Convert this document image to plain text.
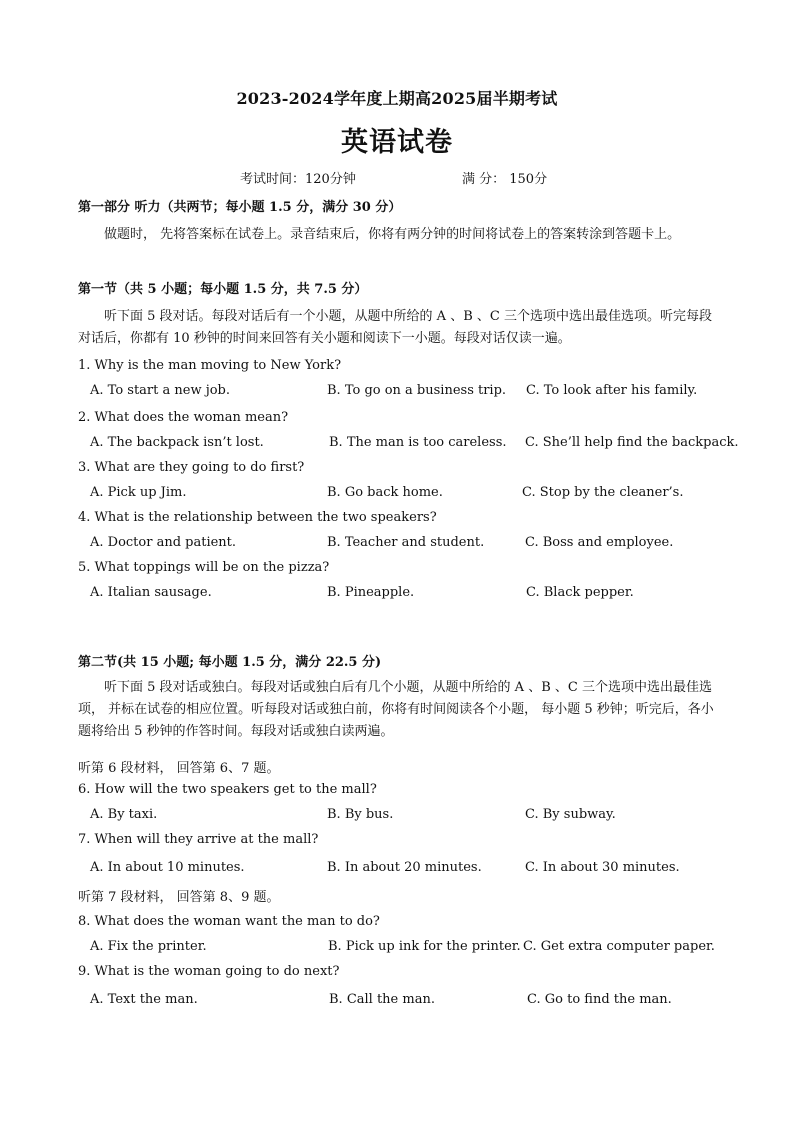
2023-2024学年度上期高2025届半期考试
英语试卷
考试时间：120分钟	满 分： 150分
第一部分 听力（共两节；每小题 1.5 分，满分 30 分）
做题时， 先将答案标在试卷上。录音结束后，你将有两分钟的时间将试卷上的答案转涂到答题卡上。
第一节（共 5 小题；每小题 1.5 分，共 7.5 分）
听下面 5 段对话。每段对话后有一个小题，从题中所给的 A 、B 、C 三个选项中选出最佳选项。听完每段对话后，你都有 10 秒钟的时间来回答有关小题和阅读下一小题。每段对话仅读一遍。
1. Why is the man moving to New York?
A. To start a new job.	B. To go on a business trip. C. To look after his family.
2. What does the woman mean?
A. The backpack isn’t lost.	B. The man is too careless. C. She’ll help find the backpack.
3. What are they going to do first?
A. Pick up Jim.	B. Go back home.	C. Stop by the cleaner’s.
4. What is the relationship between the two speakers?
A. Doctor and patient.	B. Teacher and student.	C. Boss and employee.
5. What toppings will be on the pizza?
A. Italian sausage.	B. Pineapple.	C. Black pepper.
第二节(共 15 小题; 每小题 1.5 分，满分 22.5 分)
听下面 5 段对话或独白。每段对话或独白后有几个小题，从题中所给的 A 、B 、C 三个选项中选出最佳选项， 并标在试卷的相应位置。听每段对话或独白前，你将有时间阅读各个小题， 每小题 5 秒钟；听完后，各小题将给出 5 秒钟的作答时间。每段对话或独白读两遍。
听第 6 段材料， 回答第 6、7 题。
6. How will the two speakers get to the mall?
A. By taxi.	B. By bus.	C. By subway.
7. When will they arrive at the mall?
A. In about 10 minutes.	B. In about 20 minutes.	C. In about 30 minutes.
听第 7 段材料， 回答第 8、9 题。
8. What does the woman want the man to do?
A. Fix the printer.	B. Pick up ink for the printer. C. Get extra computer paper.
9. What is the woman going to do next?
A. Text the man.	B. Call the man.	C. Go to find the man.
